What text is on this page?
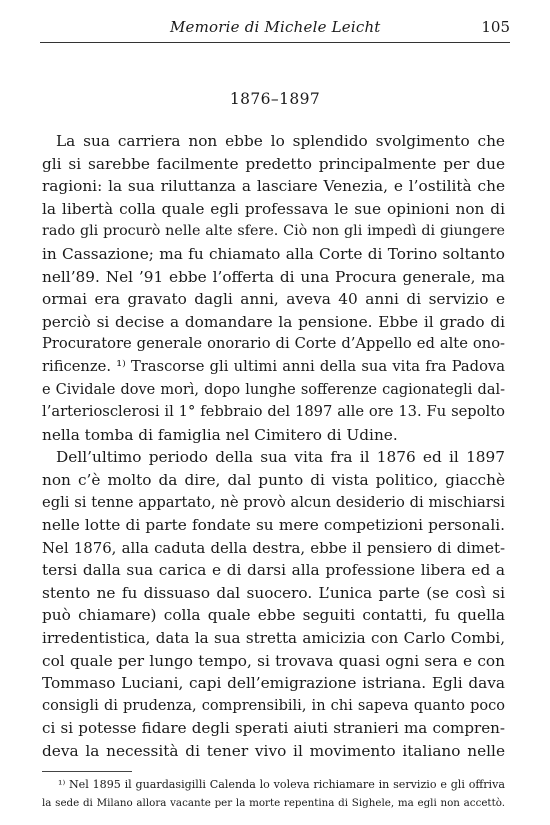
Memorie di Michele Leicht	105
1876–1897
La sua carriera non ebbe lo splendido svolgimento che
gli si sarebbe facilmente predetto principalmente per due
ragioni: la sua riluttanza a lasciare Venezia, e l’ostilità che
la libertà colla quale egli professava le sue opinioni non di
rado gli procurò nelle alte sfere. Ciò non gli impedì di giungere
in Cassazione; ma fu chiamato alla Corte di Torino soltanto
nell’89. Nel ’91 ebbe l’offerta di una Procura generale, ma
ormai era gravato dagli anni, aveva 40 anni di servizio e
perciò si decise a domandare la pensione. Ebbe il grado di
Procuratore generale onorario di Corte d’Appello ed alte ono-
rificenze. ¹⁾ Trascorse gli ultimi anni della sua vita fra Padova
e Cividale dove morì, dopo lunghe sofferenze cagionategli dal-
l’arteriosclerosi il 1° febbraio del 1897 alle ore 13. Fu sepolto
nella tomba di famiglia nel Cimitero di Udine.
Dell’ultimo periodo della sua vita fra il 1876 ed il 1897
non c’è molto da dire, dal punto di vista politico, giacchè
egli si tenne appartato, nè provò alcun desiderio di mischiarsi
nelle lotte di parte fondate su mere competizioni personali.
Nel 1876, alla caduta della destra, ebbe il pensiero di dimet-
tersi dalla sua carica e di darsi alla professione libera ed a
stento ne fu dissuaso dal suocero. L’unica parte (se così si
può chiamare) colla quale ebbe seguiti contatti, fu quella
irredentistica, data la sua stretta amicizia con Carlo Combi,
col quale per lungo tempo, si trovava quasi ogni sera e con
Tommaso Luciani, capi dell’emigrazione istriana. Egli dava
consigli di prudenza, comprensibili, in chi sapeva quanto poco
ci si potesse fidare degli sperati aiuti stranieri ma compren-
deva la necessità di tener vivo il movimento italiano nelle
¹⁾ Nel 1895 il guardasigilli Calenda lo voleva richiamare in servizio e gli offriva
la sede di Milano allora vacante per la morte repentina di Sighele, ma egli non accettò.
